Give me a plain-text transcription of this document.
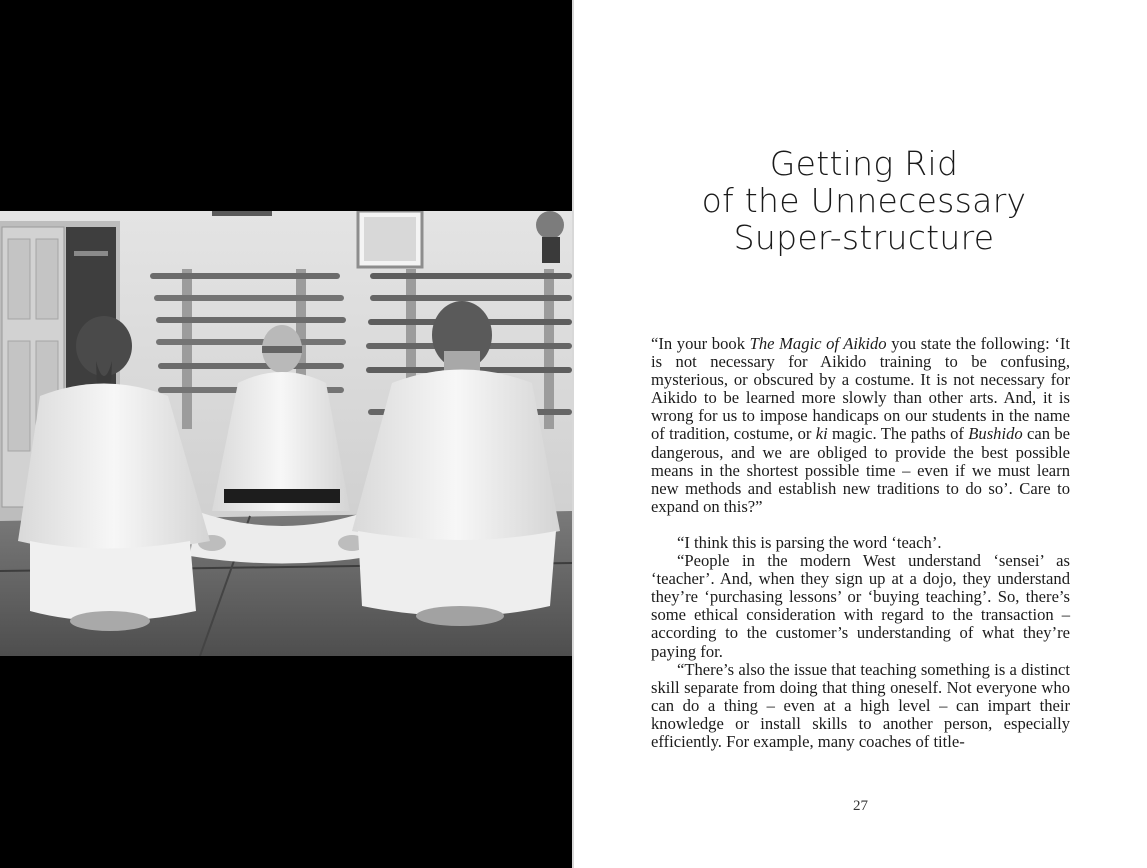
Getting Rid
of the Unnecessary
Super-structure

“In your book The Magic of Aikido you state the following: ‘It is not necessary for Aikido training to be confusing, mysterious, or obscured by a costume. It is not necessary for Aikido to be learned more slowly than other arts. And, it is wrong for us to impose handicaps on our students in the name of tradition, costume, or ki magic. The paths of Bushido can be dangerous, and we are obliged to provide the best possible means in the shortest possible time – even if we must learn new methods and establish new traditions to do so’. Care to expand on this?”

“I think this is parsing the word ‘teach’.

“People in the modern West understand ‘sensei’ as ‘teacher’. And, when they sign up at a dojo, they understand they’re ‘purchasing lessons’ or ‘buying teaching’. So, there’s some ethical consideration with regard to the transaction – according to the customer’s understanding of what they’re paying for.

“There’s also the issue that teaching something is a distinct skill separate from doing that thing oneself. Not everyone who can do a thing – even at a high level – can impart their knowledge or install skills to another person, especially efficiently. For example, many coaches of title-

27
